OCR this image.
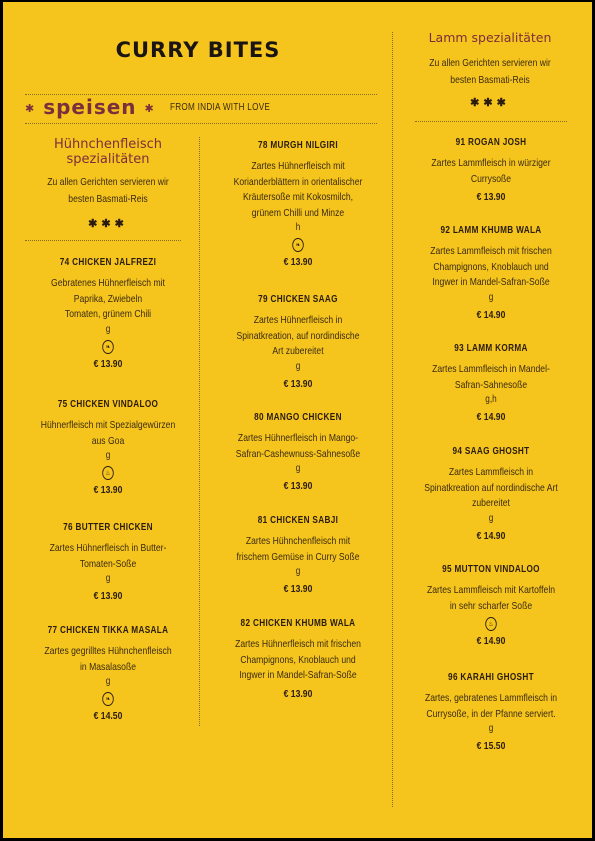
CURRY BITES
✱ speisen ✱ FROM INDIA WITH LOVE
Hühnchenfleisch
spezialitäten
Zu allen Gerichten servieren wir
besten Basmati-Reis
✱✱✱
Lamm spezialitäten
Zu allen Gerichten servieren wir
besten Basmati-Reis
✱✱✱
74 CHICKEN JALFREZI
Gebratenes Hühnerfleisch mit
Paprika, Zwiebeln
Tomaten, grünem Chili
g
❧
€ 13.90
75 CHICKEN VINDALOO
Hühnerfleisch mit Spezialgewürzen
aus Goa
g
♨
€ 13.90
76 BUTTER CHICKEN
Zartes Hühnerfleisch in Butter-
Tomaten-Soße
g
€ 13.90
77 CHICKEN TIKKA MASALA
Zartes gegrilltes Hühnchenfleisch
in Masalasoße
g
❧
€ 14.50
78 MURGH NILGIRI
Zartes Hühnerfleisch mit
Korianderblättern in orientalischer
Kräutersoße mit Kokosmilch,
grünem Chilli und Minze
h
❧
€ 13.90
79 CHICKEN SAAG
Zartes Hühnerfleisch in
Spinatkreation, auf nordindische
Art zubereitet
g
€ 13.90
80 MANGO CHICKEN
Zartes Hühnerfleisch in Mango-
Safran-Cashewnuss-Sahnesoße
g
€ 13.90
81 CHICKEN SABJI
Zartes Hühnchenfleisch mit
frischem Gemüse in Curry Soße
g
€ 13.90
82 CHICKEN KHUMB WALA
Zartes Hühnerfleisch mit frischen
Champignons, Knoblauch und
Ingwer in Mandel-Safran-Soße
€ 13.90
91 ROGAN JOSH
Zartes Lammfleisch in würziger
Currysoße
€ 13.90
92 LAMM KHUMB WALA
Zartes Lammfleisch mit frischen
Champignons, Knoblauch und
Ingwer in Mandel-Safran-Soße
g
€ 14.90
93 LAMM KORMA
Zartes Lammfleisch in Mandel-
Safran-Sahnesoße
g,h
€ 14.90
94 SAAG GHOSHT
Zartes Lammfleisch in
Spinatkreation auf nordindische Art
zubereitet
g
€ 14.90
95 MUTTON VINDALOO
Zartes Lammfleisch mit Kartoffeln
in sehr scharfer Soße
♨
€ 14.90
96 KARAHI GHOSHT
Zartes, gebratenes Lammfleisch in
Currysoße, in der Pfanne serviert.
g
€ 15.50
